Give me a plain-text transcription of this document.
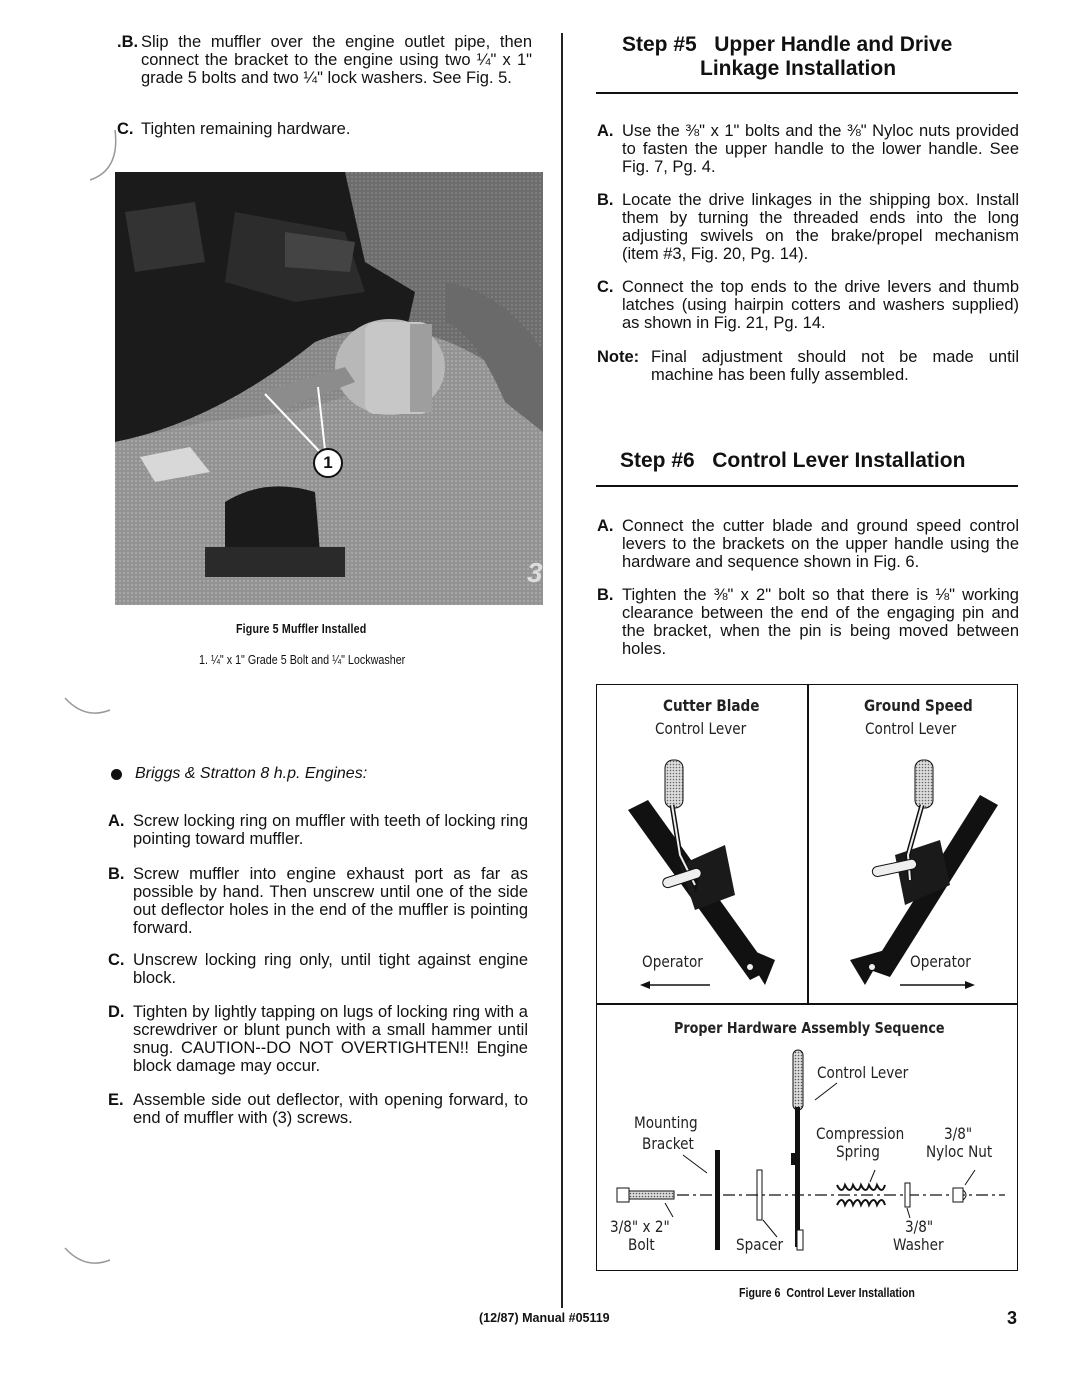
.B. Slip the muffler over the engine outlet pipe, then connect the bracket to the engine using two ¼" x 1" grade 5 bolts and two ¼" lock washers. See Fig. 5.
C. Tighten remaining hardware.
1
3
Figure 5 Muffler Installed
1. ¼" x 1" Grade 5 Bolt and ¼" Lockwasher
Briggs & Stratton 8 h.p. Engines:
A. Screw locking ring on muffler with teeth of locking ring pointing toward muffler.
B. Screw muffler into engine exhaust port as far as possible by hand. Then unscrew until one of the side out deflector holes in the end of the muffler is pointing forward.
C. Unscrew locking ring only, until tight against engine block.
D. Tighten by lightly tapping on lugs of locking ring with a screwdriver or blunt punch with a small hammer until snug. CAUTION--DO NOT OVERTIGHTEN!! Engine block damage may occur.
E. Assemble side out deflector, with opening forward, to end of muffler with (3) screws.
Step #5   Upper Handle and Drive
Linkage Installation
A. Use the ⅜" x 1" bolts and the ⅜" Nyloc nuts provided to fasten the upper handle to the lower handle. See Fig. 7, Pg. 4.
B. Locate the drive linkages in the shipping box. Install them by turning the threaded ends into the long adjusting swivels on the brake/propel mechanism (item #3, Fig. 20, Pg. 14).
C. Connect the top ends to the drive levers and thumb latches (using hairpin cotters and washers supplied) as shown in Fig. 21, Pg. 14.
Note: Final adjustment should not be made until machine has been fully assembled.
Step #6   Control Lever Installation
A. Connect the cutter blade and ground speed control levers to the brackets on the upper handle using the hardware and sequence shown in Fig. 6.
B. Tighten the ⅜" x 2" bolt so that there is ⅛" working clearance between the end of the engaging pin and the bracket, when the pin is being moved between holes.
Cutter Blade
Control Lever
Ground Speed
Control Lever
Operator	Operator
Proper Hardware Assembly Sequence
Control Lever
Mounting
Bracket
Compression
Spring
3/8"
Nyloc Nut
3/8" x 2"
Bolt	Spacer
3/8"
Washer
Figure 6  Control Lever Installation
(12/87) Manual #05119	3
